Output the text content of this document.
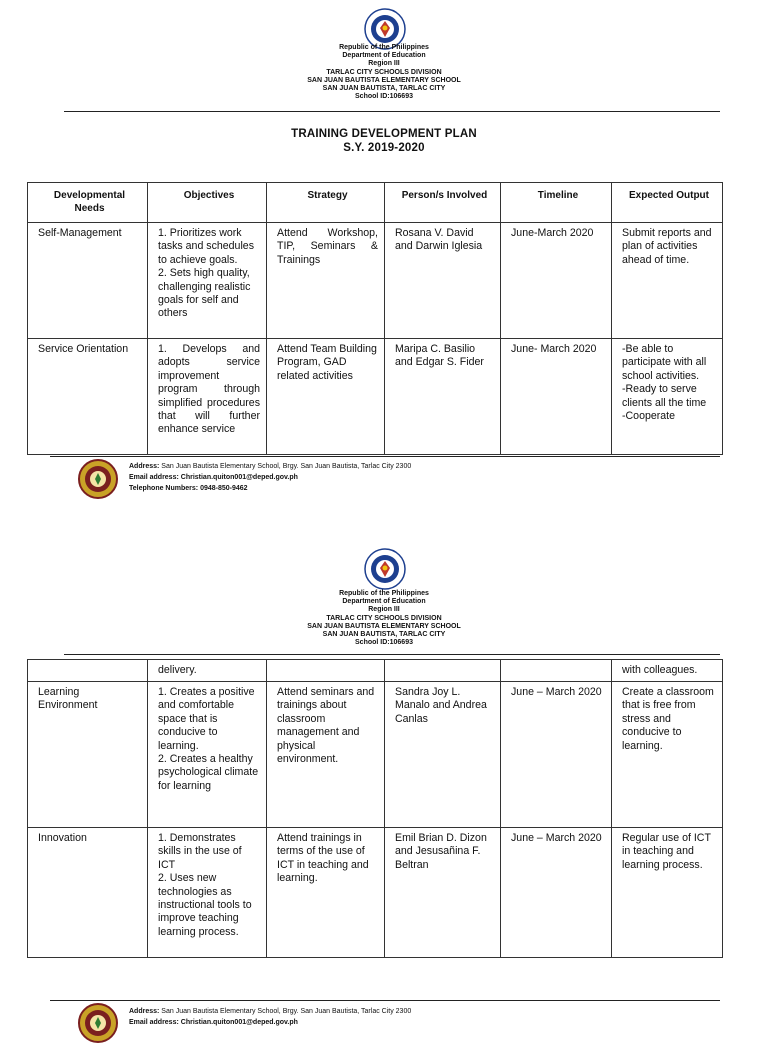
Republic of the Philippines
Department of Education
Region III
TARLAC CITY SCHOOLS DIVISION
SAN JUAN BAUTISTA ELEMENTARY SCHOOL
SAN JUAN BAUTISTA, TARLAC CITY
School ID:106693
TRAINING DEVELOPMENT PLAN
S.Y. 2019-2020
Developmental Needs	Objectives	Strategy	Person/s Involved	Timeline	Expected Output
Self-Management	1. Prioritizes work tasks and schedules to achieve goals.
2. Sets high quality, challenging realistic goals for self and others	Attend Workshop, TIP, Seminars & Trainings	Rosana V. David and Darwin Iglesia	June-March 2020	Submit reports and plan of activities ahead of time.
Service Orientation	1. Develops and adopts service improvement program through simplified procedures that will further enhance service	Attend Team Building Program, GAD related activities	Maripa C. Basilio and Edgar S. Fider	June- March 2020	-Be able to participate with all school activities.
-Ready to serve clients all the time
-Cooperate
Address: San Juan Bautista Elementary School, Brgy. San Juan Bautista, Tarlac City 2300
Email address: Christian.quiton001@deped.gov.ph
Telephone Numbers: 0948-850-9462
Republic of the Philippines
Department of Education
Region III
TARLAC CITY SCHOOLS DIVISION
SAN JUAN BAUTISTA ELEMENTARY SCHOOL
SAN JUAN BAUTISTA, TARLAC CITY
School ID:106693
	delivery.				with colleagues.
Learning Environment	1. Creates a positive and comfortable space that is conducive to learning.
2. Creates a healthy psychological climate for learning	Attend seminars and trainings about classroom management and physical environment.	Sandra Joy L. Manalo and Andrea Canlas	June – March 2020	Create a classroom that is free from stress and conducive to learning.
Innovation	1. Demonstrates skills in the use of ICT
2. Uses new technologies as instructional tools to improve teaching learning process.	Attend trainings in terms of the use of ICT in teaching and learning.	Emil Brian D. Dizon and Jesusañina F. Beltran	June – March 2020	Regular use of ICT in teaching and learning process.
Address: San Juan Bautista Elementary School, Brgy. San Juan Bautista, Tarlac City 2300
Email address: Christian.quiton001@deped.gov.ph
